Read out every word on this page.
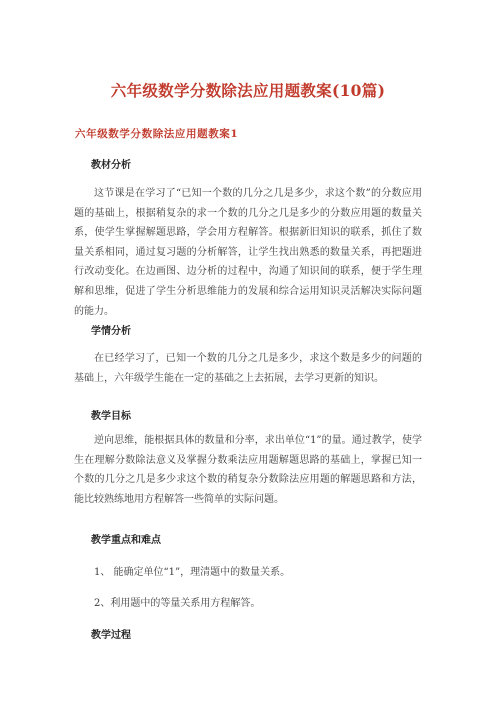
六年级数学分数除法应用题教案(10篇)
六年级数学分数除法应用题教案1
教材分析

这节课是在学习了“已知一个数的几分之几是多少，求这个数”的分数应用题的基础上，根据稍复杂的求一个数的几分之几是多少的分数应用题的数量关系，使学生掌握解题思路，学会用方程解答。根据新旧知识的联系，抓住了数量关系相同，通过复习题的分析解答，让学生找出熟悉的数量关系，再把题进行改动变化。在边画图、边分析的过程中，沟通了知识间的联系，便于学生理解和思维，促进了学生分析思维能力的发展和综合运用知识灵活解决实际问题的能力。

学情分析

在已经学习了，已知一个数的几分之几是多少，求这个数是多少的问题的基础上，六年级学生能在一定的基础之上去拓展，去学习更新的知识。

教学目标

逆向思维，能根据具体的数量和分率，求出单位“1”的量。通过教学，使学生在理解分数除法意义及掌握分数乘法应用题解题思路的基础上，掌握已知一个数的几分之几是多少求这个数的稍复杂分数除法应用题的解题思路和方法，能比较熟练地用方程解答一些简单的实际问题。

教学重点和难点
1、 能确定单位“1”，理清题中的数量关系。
2、利用题中的等量关系用方程解答。
教学过程
